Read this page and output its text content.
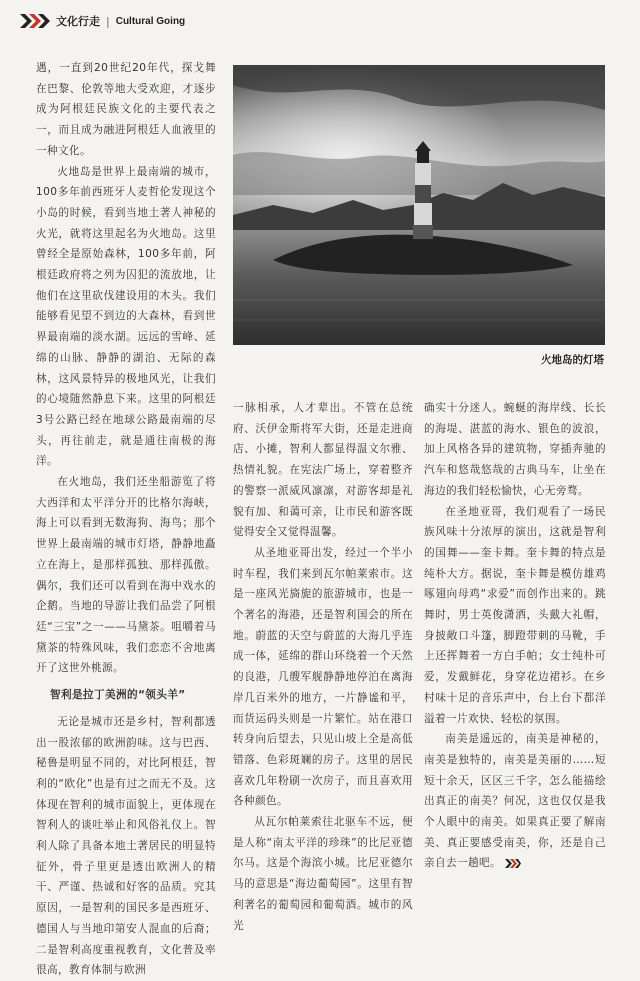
文化行走 | Cultural Going

遇，一直到20世纪20年代，探戈舞在巴黎、伦敦等地大受欢迎，才逐步成为阿根廷民族文化的主要代表之一，而且成为融进阿根廷人血液里的一种文化。

火地岛是世界上最南端的城市，100多年前西班牙人麦哲伦发现这个小岛的时候，看到当地土著人神秘的火光，就将这里起名为火地岛。这里曾经全是原始森林，100多年前，阿根廷政府将之列为囚犯的流放地，让他们在这里砍伐建设用的木头。我们能够看见望不到边的大森林，看到世界最南端的淡水湖。远远的雪峰、延绵的山脉、静静的湖泊、无际的森林，这风景特异的极地风光，让我们的心境随然静息下来。这里的阿根廷3号公路已经在地球公路最南端的尽头，再往前走，就是通往南极的海洋。

在火地岛，我们还坐船游览了将大西洋和太平洋分开的比格尔海峡，海上可以看到无数海狗、海鸟；那个世界上最南端的城市灯塔，静静地矗立在海上，是那样孤独、那样孤傲。偶尔，我们还可以看到在海中戏水的企鹅。当地的导游让我们品尝了阿根廷“三宝”之一——马黛茶。咀嚼着马黛茶的特殊风味，我们恋恋不舍地离开了这世外桃源。

智利是拉丁美洲的“领头羊”

无论是城市还是乡村，智利都透出一股浓郁的欧洲韵味。这与巴西、秘鲁是明显不同的，对比阿根廷，智利的“欧化”也是有过之而无不及。这体现在智利的城市面貌上，更体现在智利人的谈吐举止和风俗礼仪上。智利人除了具备本地土著居民的明显特征外，骨子里更是透出欧洲人的精干、严谨、热诚和好客的品质。究其原因，一是智利的国民多是西班牙、德国人与当地印第安人混血的后裔；二是智利高度重视教育，文化普及率很高，教育体制与欧洲

火地岛的灯塔

一脉相承，人才辈出。不管在总统府、沃伊金斯将军大街，还是走进商店、小摊，智利人都显得温文尔雅、热情礼貌。在宪法广场上，穿着整齐的警察一派威风凛凛，对游客却是礼貌有加、和蔼可亲，让市民和游客既觉得安全又觉得温馨。

从圣地亚哥出发，经过一个半小时车程，我们来到瓦尔帕莱索市。这是一座风光旖旎的旅游城市，也是一个著名的海港，还是智利国会的所在地。蔚蓝的天空与蔚蓝的大海几乎连成一体，延绵的群山环绕着一个天然的良港，几艘军舰静静地停泊在离海岸几百米外的地方，一片静谧和平，而货运码头则是一片繁忙。站在港口转身向后望去，只见山坡上全是高低错落、色彩斑斓的房子。这里的居民喜欢几年粉刷一次房子，而且喜欢用各种颜色。

从瓦尔帕莱索往北驱车不远，便是人称“南太平洋的珍珠”的比尼亚德尔马。这是个海滨小城。比尼亚德尔马的意思是“海边葡萄园”。这里有智利著名的葡萄园和葡萄酒。城市的风光

确实十分迷人。蜿蜒的海岸线、长长的海堤、湛蓝的海水、银色的波浪，加上风格各异的建筑物，穿插奔驰的汽车和悠哉悠哉的古典马车，让坐在海边的我们轻松愉快，心无旁骛。

在圣地亚哥，我们观看了一场民族风味十分浓厚的演出，这就是智利的国舞——奎卡舞。奎卡舞的特点是纯朴大方。据说，奎卡舞是模仿雄鸡啄翅向母鸡“求爱”而创作出来的。跳舞时，男士英俊潇洒，头戴大礼帽，身披敞口斗篷，脚蹬带刺的马靴，手上还挥舞着一方白手帕；女士纯朴可爱，发戴鲜花，身穿花边裙衫。在乡村味十足的音乐声中，台上台下都洋溢着一片欢快、轻松的氛围。

南美是遥远的，南美是神秘的，南美是独特的，南美是美丽的……短短十余天，区区三千字，怎么能描绘出真正的南美？何况，这也仅仅是我个人眼中的南美。如果真正要了解南美、真正要感受南美，你，还是自己亲自去一趟吧。
